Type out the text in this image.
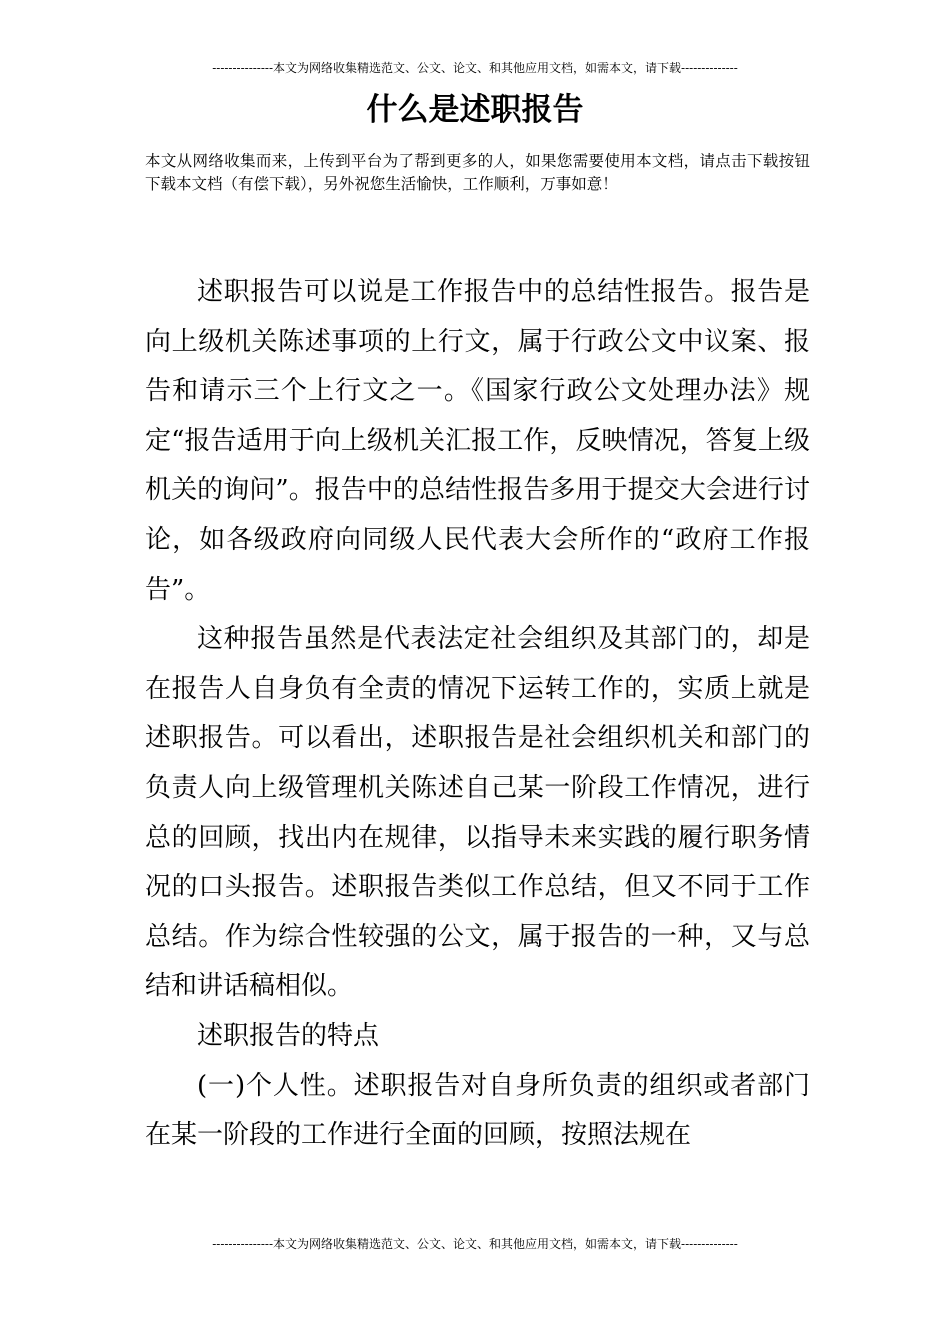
---------------本文为网络收集精选范文、公文、论文、和其他应用文档，如需本文，请下载--------------
什么是述职报告

本文从网络收集而来，上传到平台为了帮到更多的人，如果您需要使用本文档，请点击下载按钮下载本文档（有偿下载），另外祝您生活愉快，工作顺利，万事如意！

述职报告可以说是工作报告中的总结性报告。报告是向上级机关陈述事项的上行文，属于行政公文中议案、报告和请示三个上行文之一。《国家行政公文处理办法》规定“报告适用于向上级机关汇报工作，反映情况，答复上级机关的询问”。报告中的总结性报告多用于提交大会进行讨论，如各级政府向同级人民代表大会所作的“政府工作报告”。

这种报告虽然是代表法定社会组织及其部门的，却是在报告人自身负有全责的情况下运转工作的，实质上就是述职报告。可以看出，述职报告是社会组织机关和部门的负责人向上级管理机关陈述自己某一阶段工作情况，进行总的回顾，找出内在规律，以指导未来实践的履行职务情况的口头报告。述职报告类似工作总结，但又不同于工作总结。作为综合性较强的公文，属于报告的一种，又与总结和讲话稿相似。

述职报告的特点

(一)个人性。述职报告对自身所负责的组织或者部门在某一阶段的工作进行全面的回顾，按照法规在

---------------本文为网络收集精选范文、公文、论文、和其他应用文档，如需本文，请下载--------------
